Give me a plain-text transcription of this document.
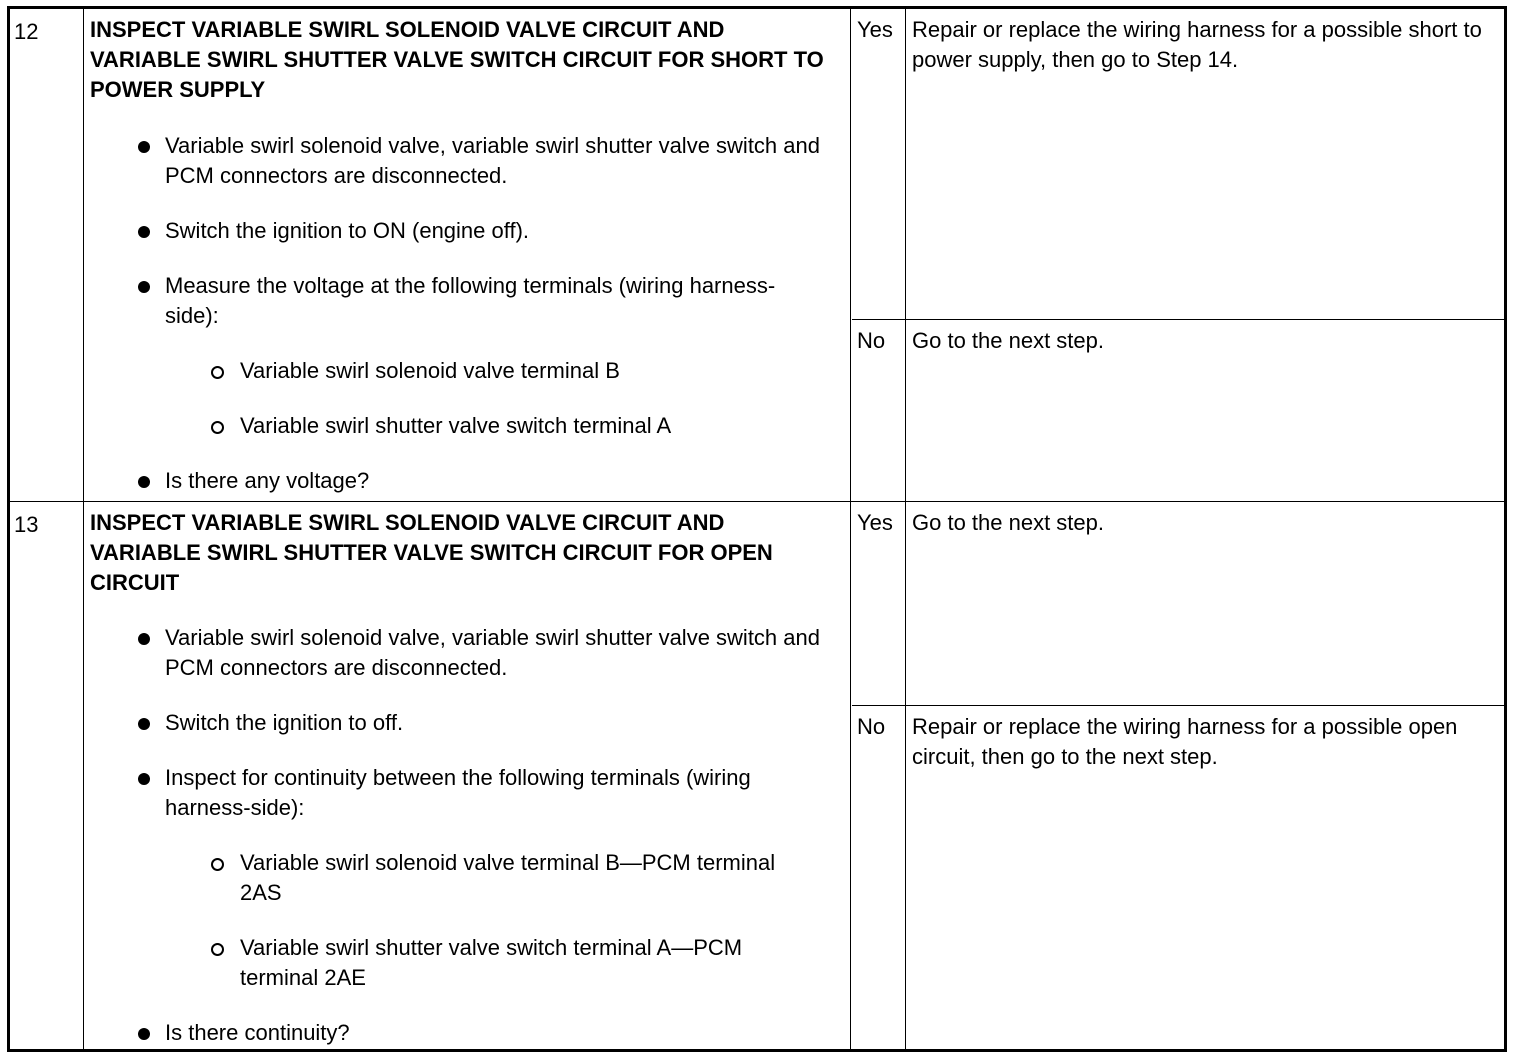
12 INSPECT VARIABLE SWIRL SOLENOID VALVE CIRCUIT AND VARIABLE SWIRL SHUTTER VALVE SWITCH CIRCUIT FOR SHORT TO POWER SUPPLY
Variable swirl solenoid valve, variable swirl shutter valve switch and PCM connectors are disconnected.
Switch the ignition to ON (engine off).
Measure the voltage at the following terminals (wiring harness-side):
Variable swirl solenoid valve terminal B
Variable swirl shutter valve switch terminal A
Is there any voltage?
Yes Repair or replace the wiring harness for a possible short to power supply, then go to Step 14.
No	Go to the next step.
13 INSPECT VARIABLE SWIRL SOLENOID VALVE CIRCUIT AND VARIABLE SWIRL SHUTTER VALVE SWITCH CIRCUIT FOR OPEN CIRCUIT
Variable swirl solenoid valve, variable swirl shutter valve switch and PCM connectors are disconnected.
Switch the ignition to off.
Inspect for continuity between the following terminals (wiring harness-side):
Variable swirl solenoid valve terminal B—PCM terminal 2AS
Variable swirl shutter valve switch terminal A—PCM terminal 2AE
Is there continuity?
Yes Go to the next step.
No	Repair or replace the wiring harness for a possible open circuit, then go to the next step.
